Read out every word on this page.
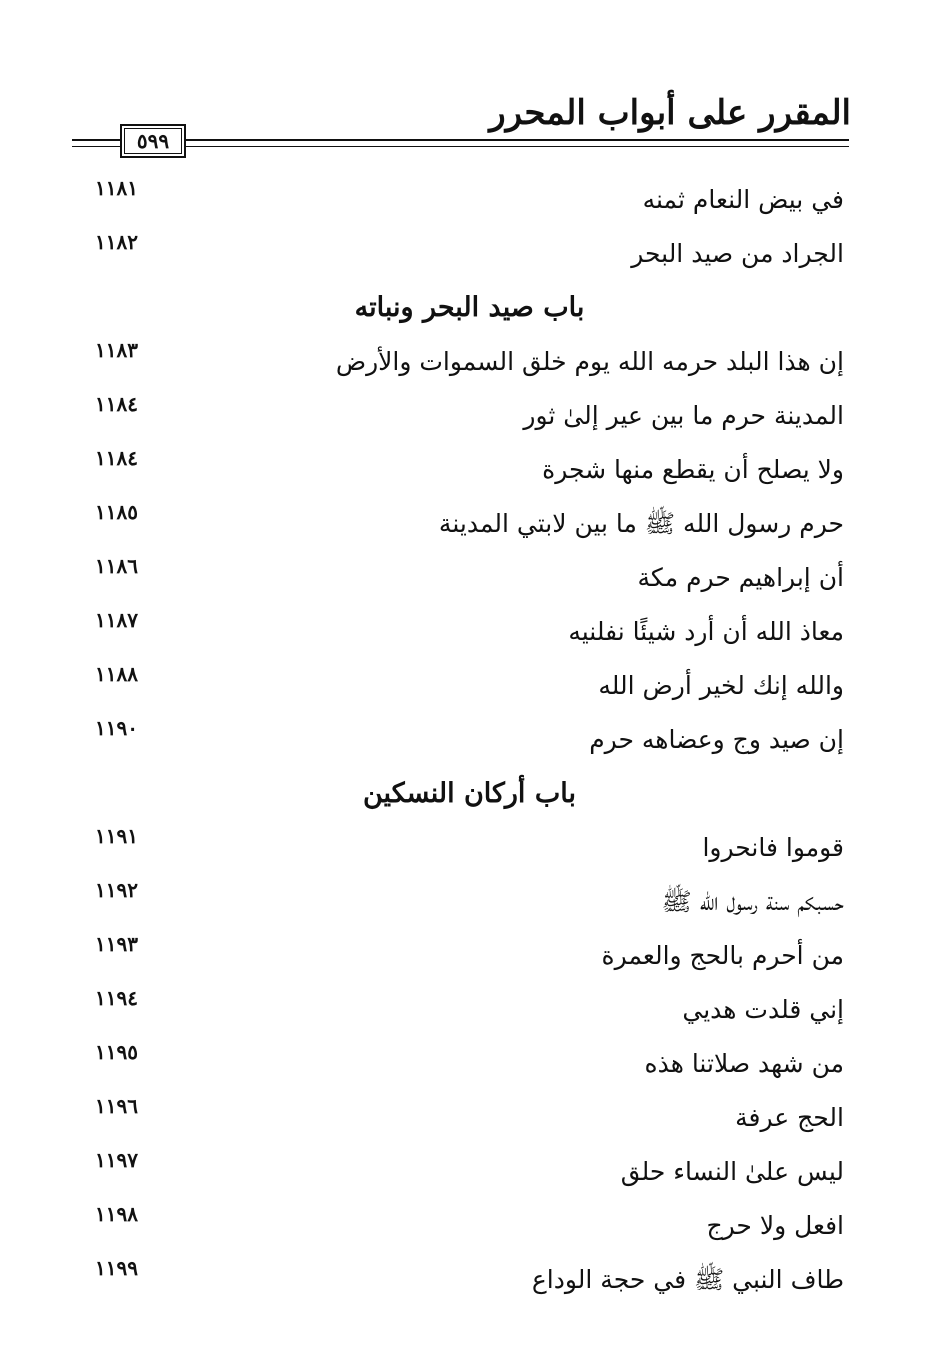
المقرر على أبواب المحرر
٥٩٩
في بيض النعام ثمنه
١١٨١
الجراد من صيد البحر
١١٨٢
باب صيد البحر ونباته
إن هذا البلد حرمه الله يوم خلق السموات والأرض
١١٨٣
المدينة حرم ما بين عير إلىٰ ثور
١١٨٤
ولا يصلح أن يقطع منها شجرة
١١٨٤
حرم رسول الله ﷺ ما بين لابتي المدينة
١١٨٥
أن إبراهيم حرم مكة
١١٨٦
معاذ الله أن أرد شيئًا نفلنيه
١١٨٧
والله إنك لخير أرض الله
١١٨٨
إن صيد وج وعضاهه حرم
١١٩٠
باب أركان النسكين
قوموا فانحروا
١١٩١
حسبكم سنة رسول الله ﷺ
١١٩٢
من أحرم بالحج والعمرة
١١٩٣
إني قلدت هديي
١١٩٤
من شهد صلاتنا هذه
١١٩٥
الحج عرفة
١١٩٦
ليس علىٰ النساء حلق
١١٩٧
افعل ولا حرج
١١٩٨
طاف النبي ﷺ في حجة الوداع
١١٩٩
